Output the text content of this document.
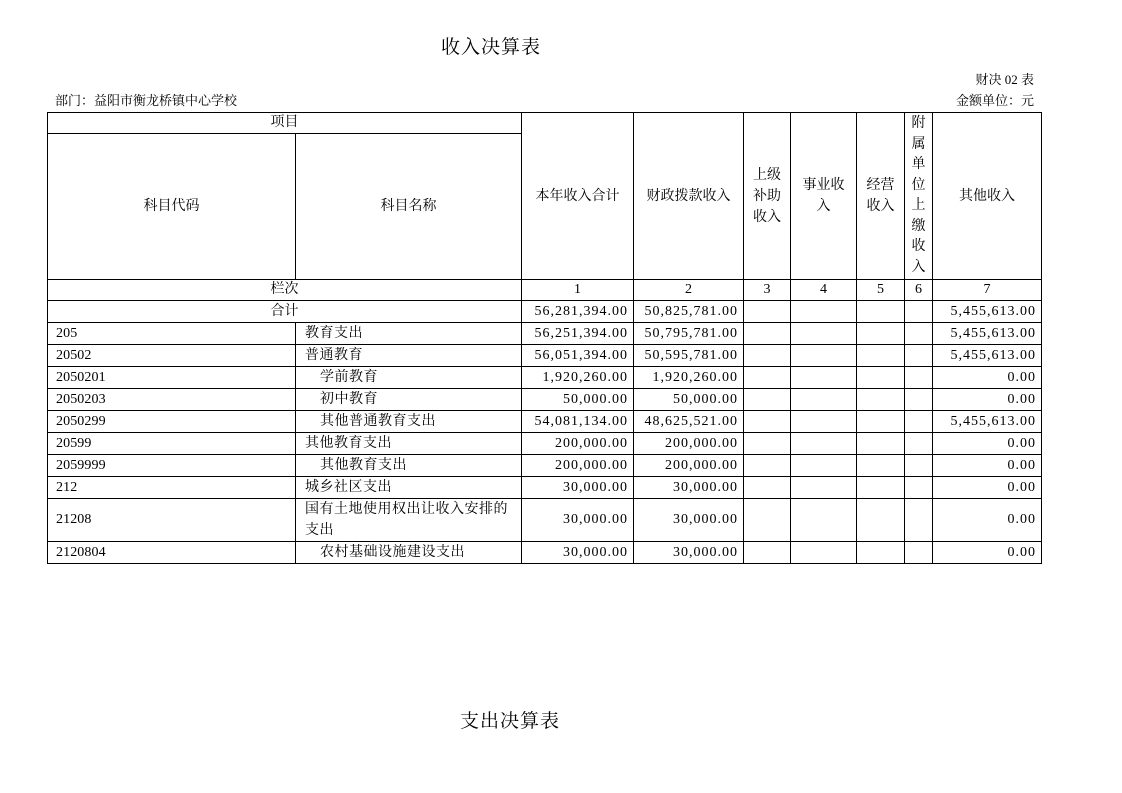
收入决算表
财决 02 表
部门：益阳市衡龙桥镇中心学校	金额单位：元
项目		本年收入合计	财政拨款收入	上级补助收入	事业收入	经营收入	附属单位上缴收入	其他收入
科目代码	科目名称							
栏次		1	2	3	4	5	6	7
合计		56,281,394.00	50,825,781.00					5,455,613.00
205	教育支出	56,251,394.00	50,795,781.00					5,455,613.00
20502	普通教育	56,051,394.00	50,595,781.00					5,455,613.00
2050201	学前教育	1,920,260.00	1,920,260.00					0.00
2050203	初中教育	50,000.00	50,000.00					0.00
2050299	其他普通教育支出	54,081,134.00	48,625,521.00					5,455,613.00
20599	其他教育支出	200,000.00	200,000.00					0.00
2059999	其他教育支出	200,000.00	200,000.00					0.00
212	城乡社区支出	30,000.00	30,000.00					0.00
21208	国有土地使用权出让收入安排的支出	30,000.00	30,000.00					0.00
2120804	农村基础设施建设支出	30,000.00	30,000.00					0.00
支出决算表
